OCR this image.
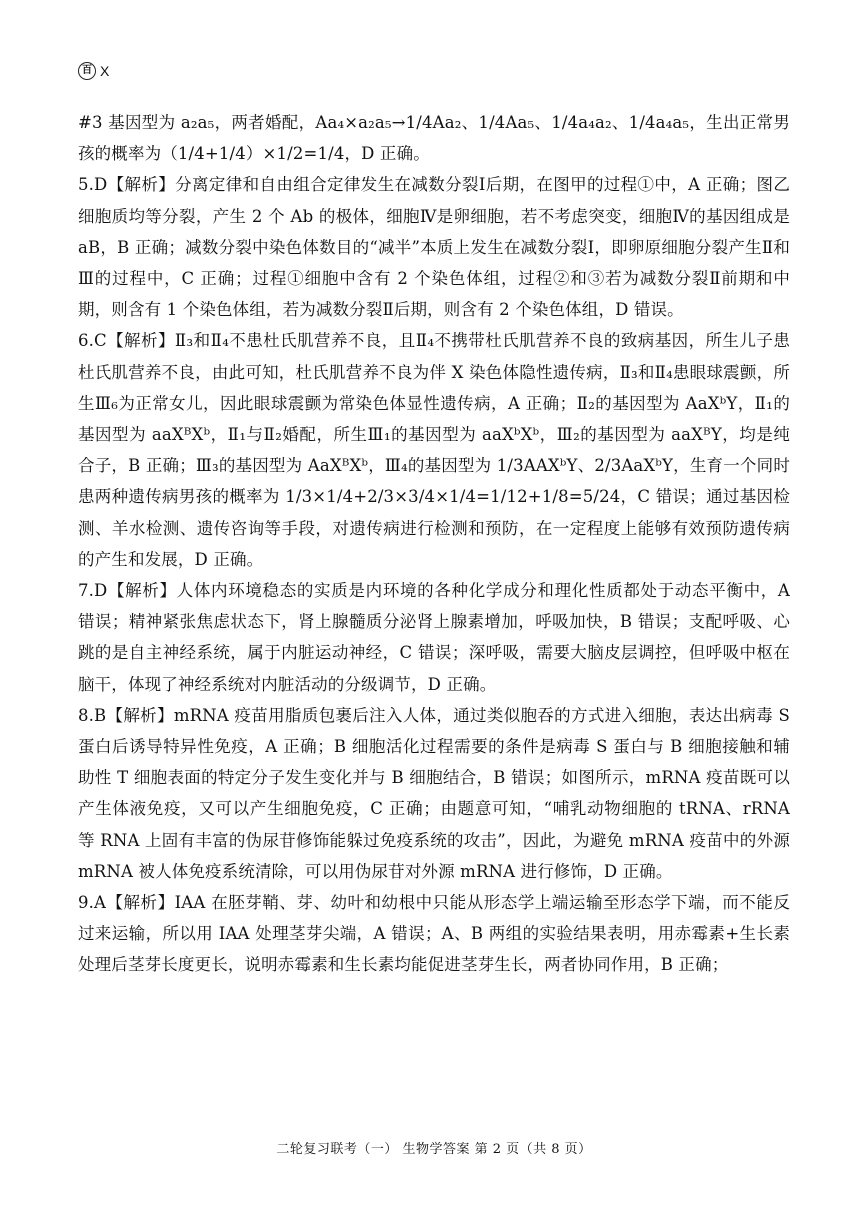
百 X

#3 基因型为 a₂a₅，两者婚配，Aa₄×a₂a₅→1/4Aa₂、1/4Aa₅、1/4a₄a₂、1/4a₄a₅，生出正常男孩的概率为（1/4+1/4）×1/2=1/4，D 正确。

5.D【解析】分离定律和自由组合定律发生在减数分裂Ⅰ后期，在图甲的过程①中，A 正确；图乙细胞质均等分裂，产生 2 个 Ab 的极体，细胞Ⅳ是卵细胞，若不考虑突变，细胞Ⅳ的基因组成是 aB，B 正确；减数分裂中染色体数目的“减半”本质上发生在减数分裂Ⅰ，即卵原细胞分裂产生Ⅱ和Ⅲ的过程中，C 正确；过程①细胞中含有 2 个染色体组，过程②和③若为减数分裂Ⅱ前期和中期，则含有 1 个染色体组，若为减数分裂Ⅱ后期，则含有 2 个染色体组，D 错误。

6.C【解析】Ⅱ₃和Ⅱ₄不患杜氏肌营养不良，且Ⅱ₄不携带杜氏肌营养不良的致病基因，所生儿子患杜氏肌营养不良，由此可知，杜氏肌营养不良为伴 X 染色体隐性遗传病，Ⅱ₃和Ⅱ₄患眼球震颤，所生Ⅲ₆为正常女儿，因此眼球震颤为常染色体显性遗传病，A 正确；Ⅱ₂的基因型为 AaXᵇY，Ⅱ₁的基因型为 aaXᴮXᵇ，Ⅱ₁与Ⅱ₂婚配，所生Ⅲ₁的基因型为 aaXᵇXᵇ，Ⅲ₂的基因型为 aaXᴮY，均是纯合子，B 正确；Ⅲ₃的基因型为 AaXᴮXᵇ，Ⅲ₄的基因型为 1/3AAXᵇY、2/3AaXᵇY，生育一个同时患两种遗传病男孩的概率为 1/3×1/4+2/3×3/4×1/4=1/12+1/8=5/24，C 错误；通过基因检测、羊水检测、遗传咨询等手段，对遗传病进行检测和预防，在一定程度上能够有效预防遗传病的产生和发展，D 正确。

7.D【解析】人体内环境稳态的实质是内环境的各种化学成分和理化性质都处于动态平衡中，A 错误；精神紧张焦虑状态下，肾上腺髓质分泌肾上腺素增加，呼吸加快，B 错误；支配呼吸、心跳的是自主神经系统，属于内脏运动神经，C 错误；深呼吸，需要大脑皮层调控，但呼吸中枢在脑干，体现了神经系统对内脏活动的分级调节，D 正确。

8.B【解析】mRNA 疫苗用脂质包裹后注入人体，通过类似胞吞的方式进入细胞，表达出病毒 S 蛋白后诱导特异性免疫，A 正确；B 细胞活化过程需要的条件是病毒 S 蛋白与 B 细胞接触和辅助性 T 细胞表面的特定分子发生变化并与 B 细胞结合，B 错误；如图所示，mRNA 疫苗既可以产生体液免疫，又可以产生细胞免疫，C 正确；由题意可知，“哺乳动物细胞的 tRNA、rRNA 等 RNA 上固有丰富的伪尿苷修饰能躲过免疫系统的攻击”，因此，为避免 mRNA 疫苗中的外源 mRNA 被人体免疫系统清除，可以用伪尿苷对外源 mRNA 进行修饰，D 正确。

9.A【解析】IAA 在胚芽鞘、芽、幼叶和幼根中只能从形态学上端运输至形态学下端，而不能反过来运输，所以用 IAA 处理茎芽尖端，A 错误；A、B 两组的实验结果表明，用赤霉素+生长素处理后茎芽长度更长，说明赤霉素和生长素均能促进茎芽生长，两者协同作用，B 正确；

二轮复习联考（一） 生物学答案 第 2 页（共 8 页）
